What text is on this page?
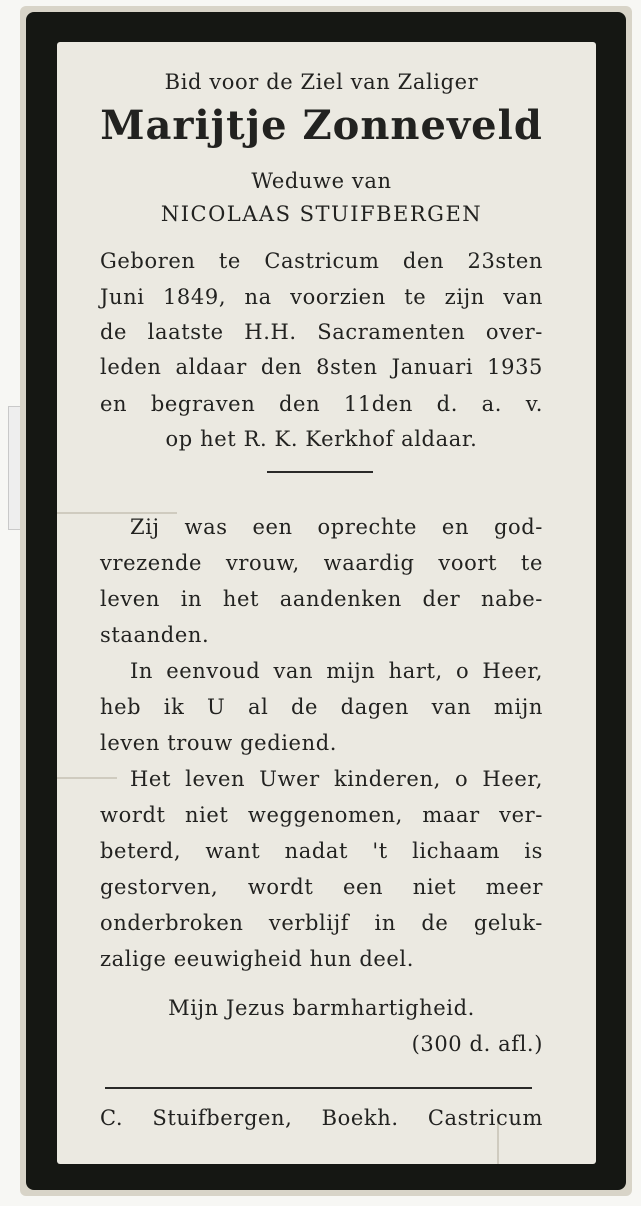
Bid voor de Ziel van Zaliger
Marijtje Zonneveld
Weduwe van
NICOLAAS STUIFBERGEN
Geboren te Castricum den 23sten
Juni 1849, na voorzien te zijn van
de laatste H.H. Sacramenten over-
leden aldaar den 8sten Januari 1935
en begraven den 11den d. a. v.
op het R. K. Kerkhof aldaar.
Zij was een oprechte en god-
vrezende vrouw, waardig voort te
leven in het aandenken der nabe-
staanden.
In eenvoud van mijn hart, o Heer,
heb ik U al de dagen van mijn
leven trouw gediend.
Het leven Uwer kinderen, o Heer,
wordt niet weggenomen, maar ver-
beterd, want nadat 't lichaam is
gestorven, wordt een niet meer
onderbroken verblijf in de geluk-
zalige eeuwigheid hun deel.
Mijn Jezus barmhartigheid.
(300 d. afl.)
C. Stuifbergen, Boekh. Castricum
